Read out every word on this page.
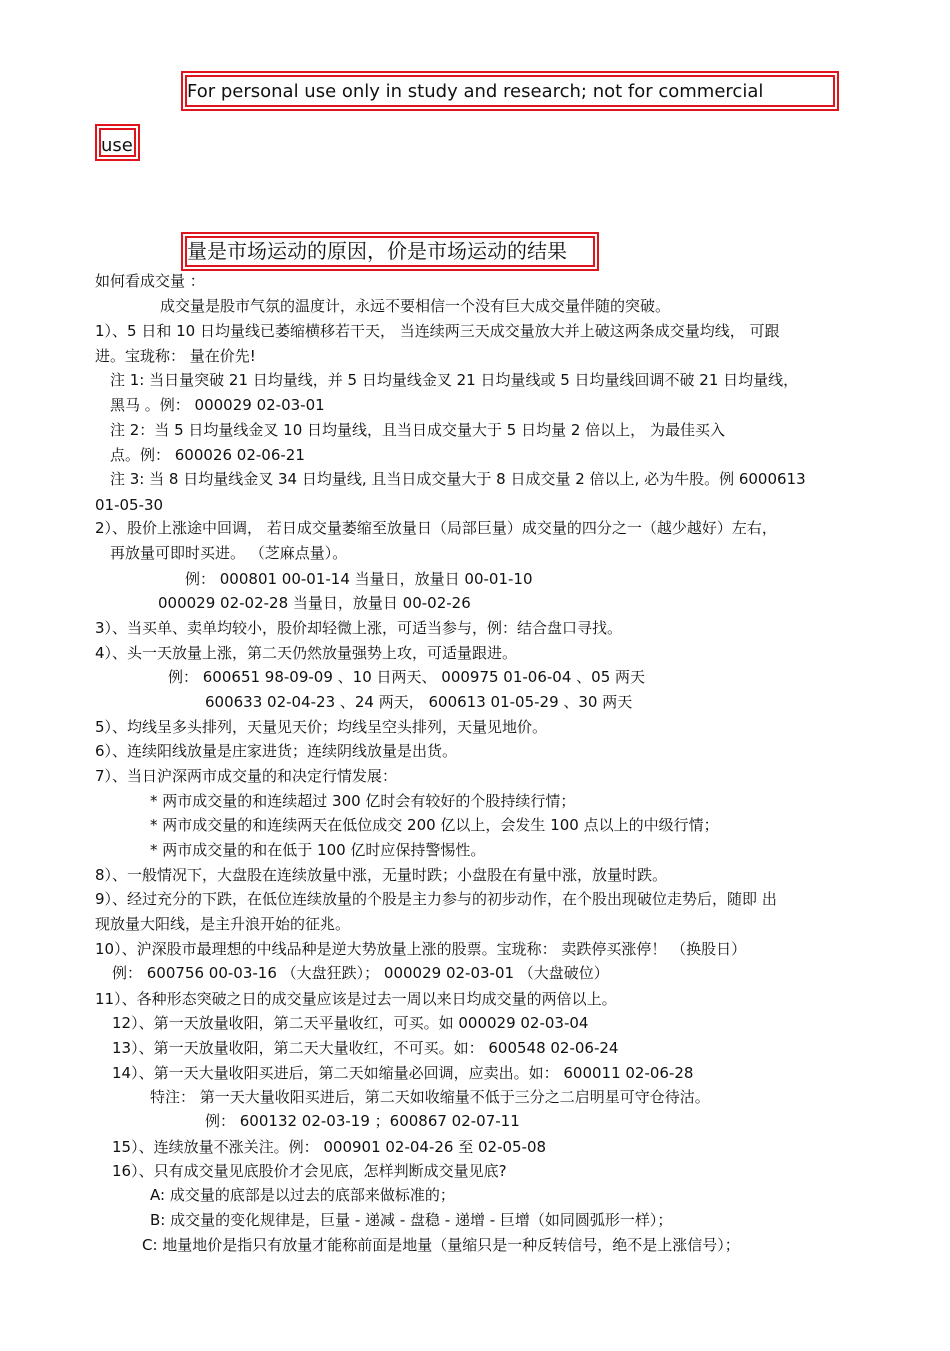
For personal use only in study and research; not for commercial
use
量是市场运动的原因，价是市场运动的结果
如何看成交量 ：
成交量是股市气氛的温度计，永远不要相信一个没有巨大成交量伴随的突破。
1）、5 日和 10 日均量线已萎缩横移若干天， 当连续两三天成交量放大并上破这两条成交量均线， 可跟
进。宝珑称： 量在价先!
注 1: 当日量突破 21 日均量线，并 5 日均量线金叉 21 日均量线或 5 日均量线回调不破 21 日均量线，
黑马 。例： 000029 02-03-01
注 2：当 5 日均量线金叉 10 日均量线，且当日成交量大于 5 日均量 2 倍以上， 为最佳买入
点。例： 600026 02-06-21
注 3: 当 8 日均量线金叉 34 日均量线, 且当日成交量大于 8 日成交量 2 倍以上, 必为牛股。例 6000613
01-05-30
2）、股价上涨途中回调， 若日成交量萎缩至放量日（局部巨量）成交量的四分之一（越少越好）左右，
再放量可即时买进。 （芝麻点量）。
例： 000801 00-01-14 当量日，放量日 00-01-10
000029 02-02-28 当量日，放量日 00-02-26
3）、当买单、卖单均较小，股价却轻微上涨，可适当参与，例：结合盘口寻找。
4）、头一天放量上涨，第二天仍然放量强势上攻，可适量跟进。
例： 600651 98-09-09 、10 日两天、 000975 01-06-04 、05 两天
600633 02-04-23 、24 两天， 600613 01-05-29 、30 两天
5）、均线呈多头排列，天量见天价；均线呈空头排列，天量见地价。
6）、连续阳线放量是庄家进货；连续阴线放量是出货。
7）、当日沪深两市成交量的和决定行情发展：
* 两市成交量的和连续超过 300 亿时会有较好的个股持续行情；
* 两市成交量的和连续两天在低位成交 200 亿以上，会发生 100 点以上的中级行情；
* 两市成交量的和在低于 100 亿时应保持警惕性。
8）、一般情况下，大盘股在连续放量中涨，无量时跌；小盘股在有量中涨，放量时跌。
9）、经过充分的下跌，在低位连续放量的个股是主力参与的初步动作，在个股出现破位走势后，随即 出
现放量大阳线，是主升浪开始的征兆。
10）、沪深股市最理想的中线品种是逆大势放量上涨的股票。宝珑称： 卖跌停买涨停！ （换股日）
例： 600756 00-03-16 （大盘狂跌）； 000029 02-03-01 （大盘破位）
11）、各种形态突破之日的成交量应该是过去一周以来日均成交量的两倍以上。
12）、第一天放量收阳，第二天平量收红，可买。如 000029 02-03-04
13）、第一天放量收阳，第二天大量收红，不可买。如： 600548 02-06-24
14）、第一天大量收阳买进后，第二天如缩量必回调，应卖出。如： 600011 02-06-28
特注： 第一天大量收阳买进后，第二天如收缩量不低于三分之二启明星可守仓待沽。
例： 600132 02-03-19 ；600867 02-07-11
15）、连续放量不涨关注。例： 000901 02-04-26 至 02-05-08
16）、只有成交量见底股价才会见底，怎样判断成交量见底?
A: 成交量的底部是以过去的底部来做标准的；
B: 成交量的变化规律是，巨量 - 递减 - 盘稳 - 递增 - 巨增（如同圆弧形一样）；
C: 地量地价是指只有放量才能称前面是地量（量缩只是一种反转信号，绝不是上涨信号）；
